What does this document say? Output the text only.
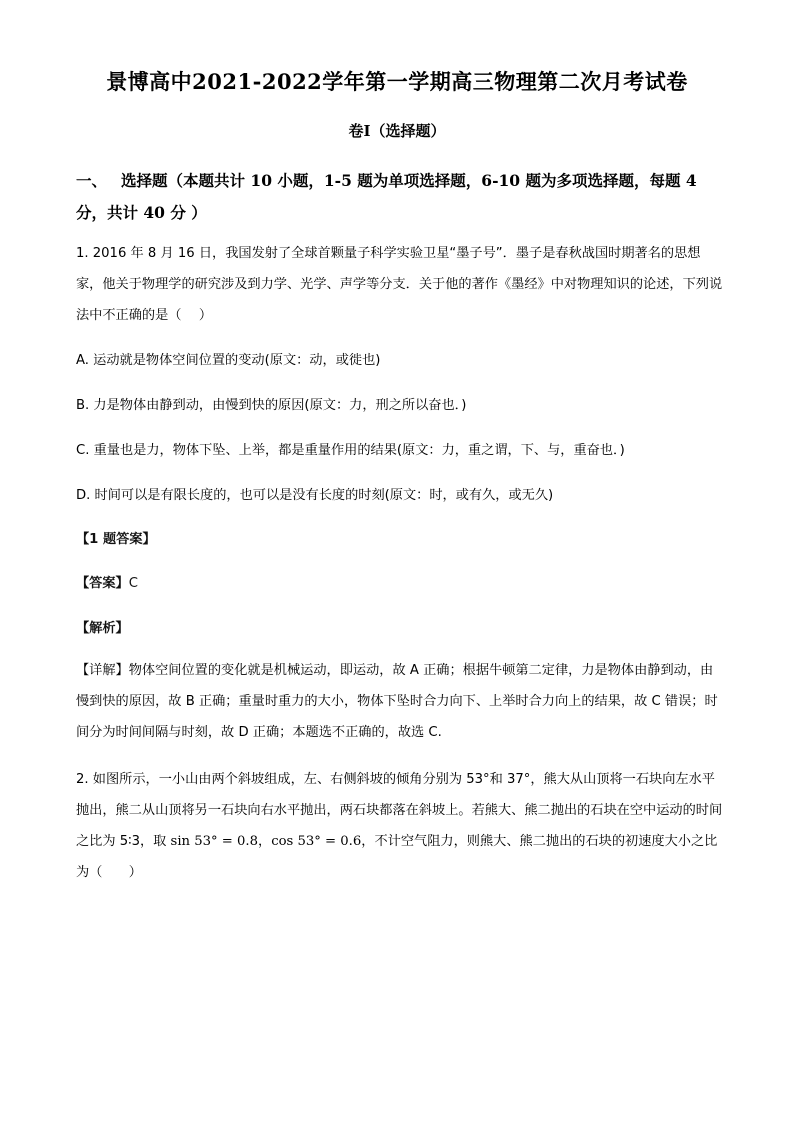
景博高中2021-2022学年第一学期高三物理第二次月考试卷
卷Ⅰ（选择题）
一、 选择题（本题共计 10 小题，1-5 题为单项选择题，6-10 题为多项选择题，每题 4 分，共计 40 分 ）
1. 2016 年 8 月 16 日，我国发射了全球首颗量子科学实验卫星“墨子号”．墨子是春秋战国时期著名的思想家，他关于物理学的研究涉及到力学、光学、声学等分支．关于他的著作《墨经》中对物理知识的论述，下列说法中不正确的是（　 ）
A. 运动就是物体空间位置的变动(原文：动，或徙也)
B. 力是物体由静到动，由慢到快的原因(原文：力，刑之所以奋也．)
C. 重量也是力，物体下坠、上举，都是重量作用的结果(原文：力，重之谓，下、与，重奋也．)
D. 时间可以是有限长度的，也可以是没有长度的时刻(原文：时，或有久，或无久)
【1 题答案】
【答案】C
【解析】
【详解】物体空间位置的变化就是机械运动，即运动，故 A 正确；根据牛顿第二定律，力是物体由静到动，由慢到快的原因，故 B 正确；重量时重力的大小，物体下坠时合力向下、上举时合力向上的结果，故 C 错误；时间分为时间间隔与时刻，故 D 正确；本题选不正确的，故选 C.
2. 如图所示，一小山由两个斜坡组成，左、右侧斜坡的倾角分别为 53°和 37°，熊大从山顶将一石块向左水平抛出，熊二从山顶将另一石块向右水平抛出，两石块都落在斜坡上。若熊大、熊二抛出的石块在空中运动的时间之比为 5∶3，取 sin 53° = 0.8，cos 53° = 0.6，不计空气阻力，则熊大、熊二抛出的石块的初速度大小之比为（　　）
